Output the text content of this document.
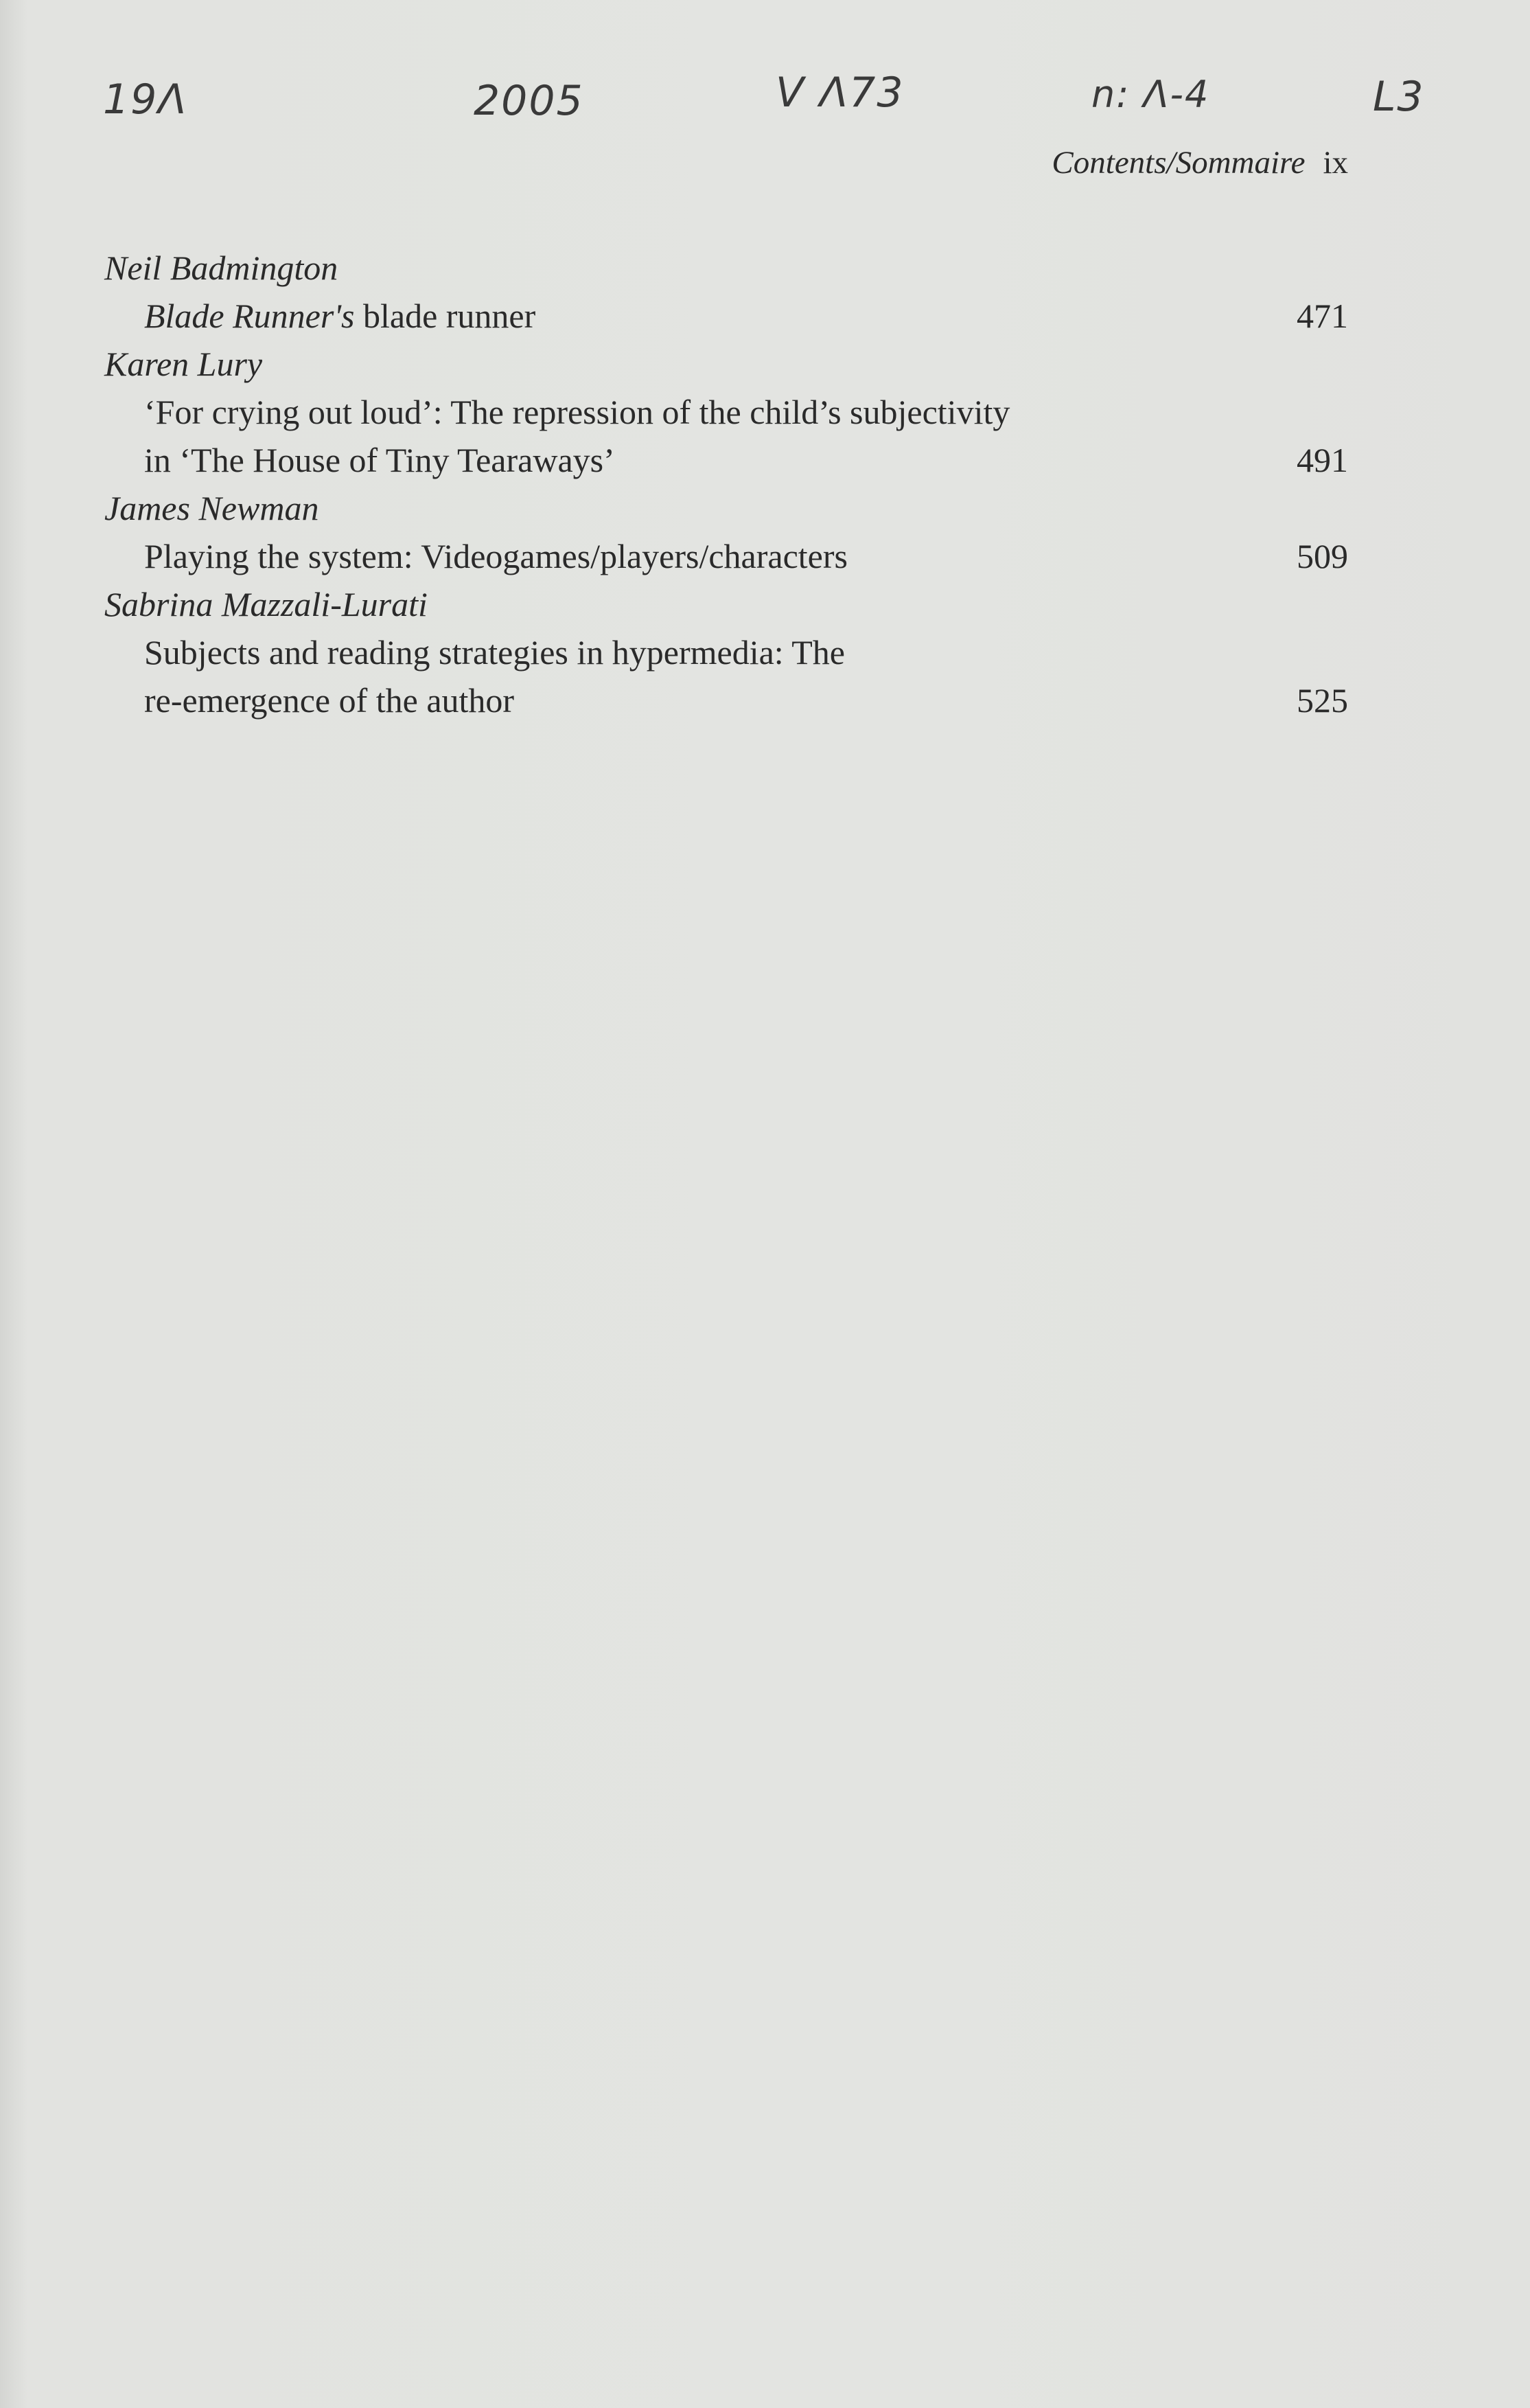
19Λ	2005	V Λ73	n: Λ-4	L3
Contents/Sommaire ix
Neil Badmington
Blade Runner's blade runner	471
Karen Lury
‘For crying out loud’: The repression of the child’s subjectivity
in ‘The House of Tiny Tearaways’	491
James Newman
Playing the system: Videogames/players/characters	509
Sabrina Mazzali-Lurati
Subjects and reading strategies in hypermedia: The
re-emergence of the author	525
